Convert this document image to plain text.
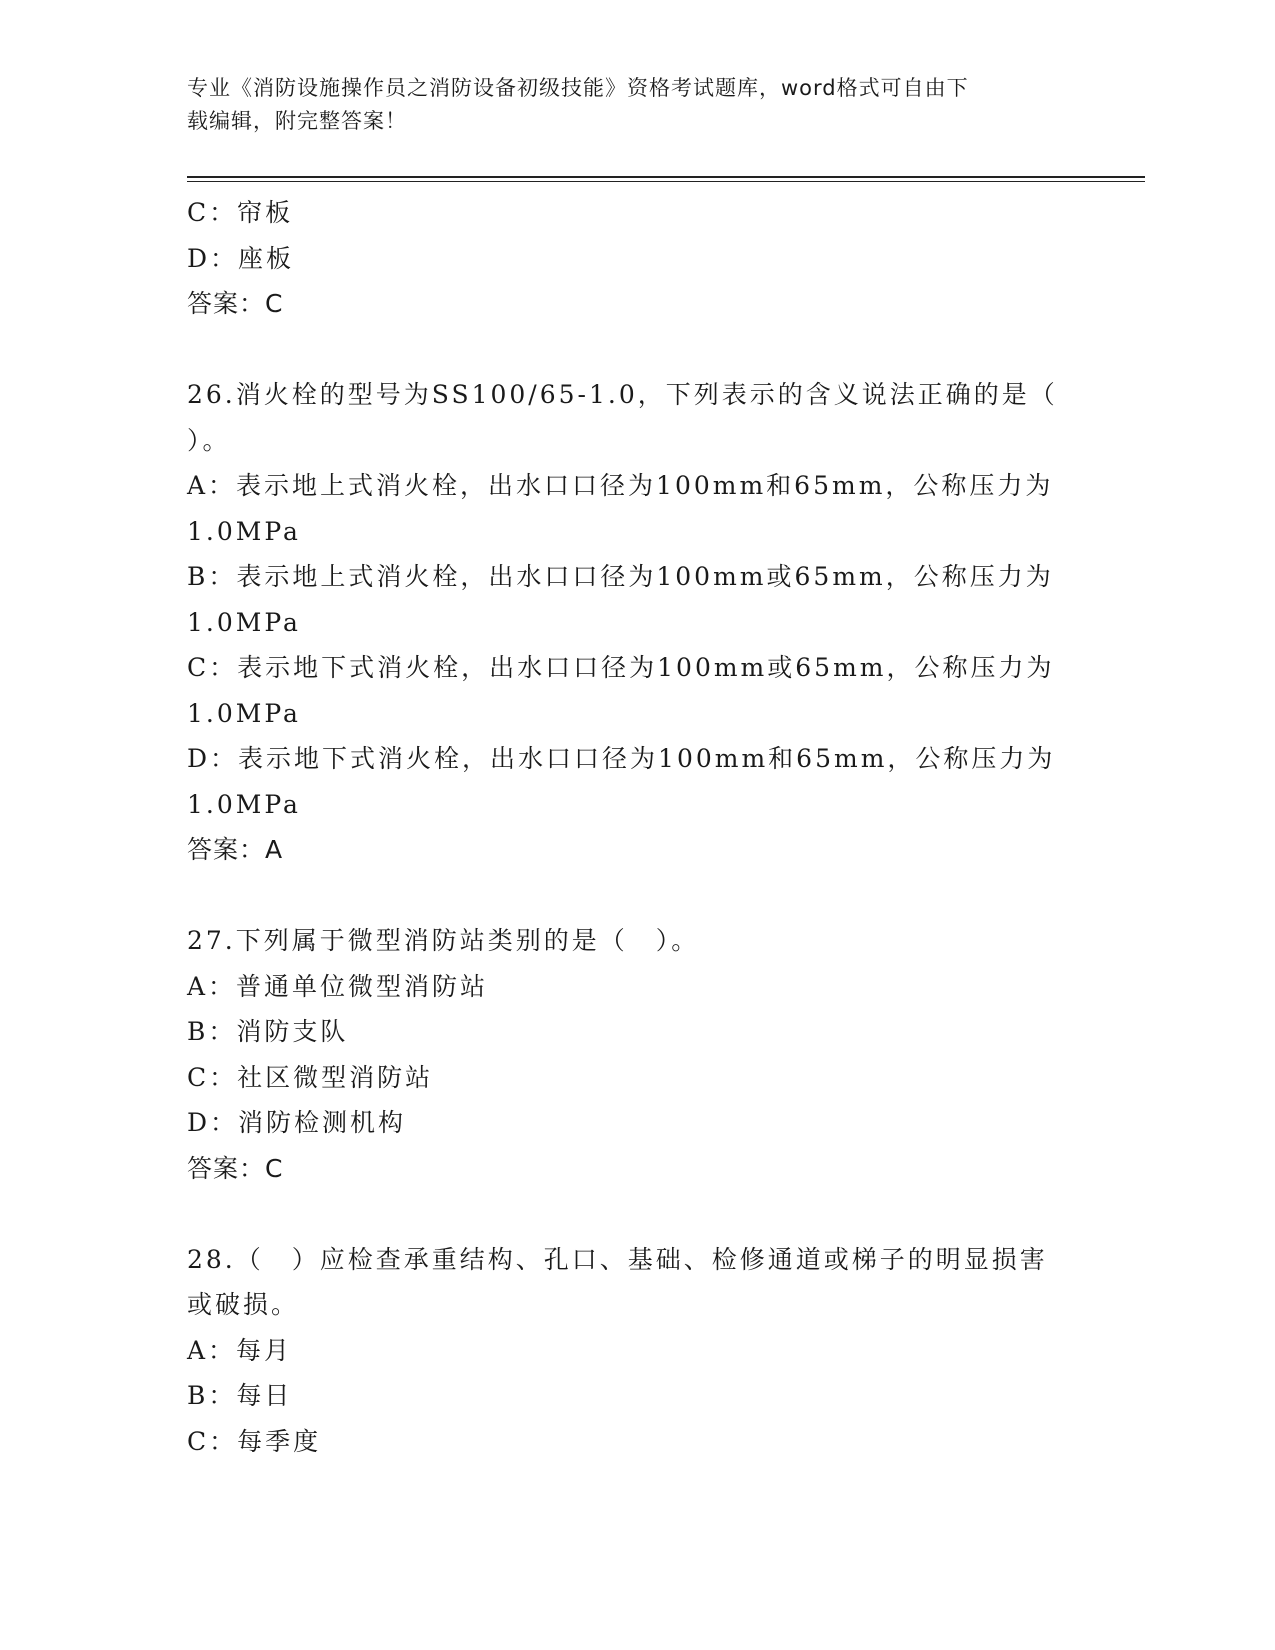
专业《消防设施操作员之消防设备初级技能》资格考试题库，word格式可自由下
载编辑，附完整答案！
C：帘板
D：座板
答案：C
26.消火栓的型号为SS100/65-1.0，下列表示的含义说法正确的是（
）。
A：表示地上式消火栓，出水口口径为100mm和65mm，公称压力为
1.0MPa
B：表示地上式消火栓，出水口口径为100mm或65mm，公称压力为
1.0MPa
C：表示地下式消火栓，出水口口径为100mm或65mm，公称压力为
1.0MPa
D：表示地下式消火栓，出水口口径为100mm和65mm，公称压力为
1.0MPa
答案：A
27.下列属于微型消防站类别的是（　）。
A：普通单位微型消防站
B：消防支队
C：社区微型消防站
D：消防检测机构
答案：C
28.（　）应检查承重结构、孔口、基础、检修通道或梯子的明显损害
或破损。
A：每月
B：每日
C：每季度
